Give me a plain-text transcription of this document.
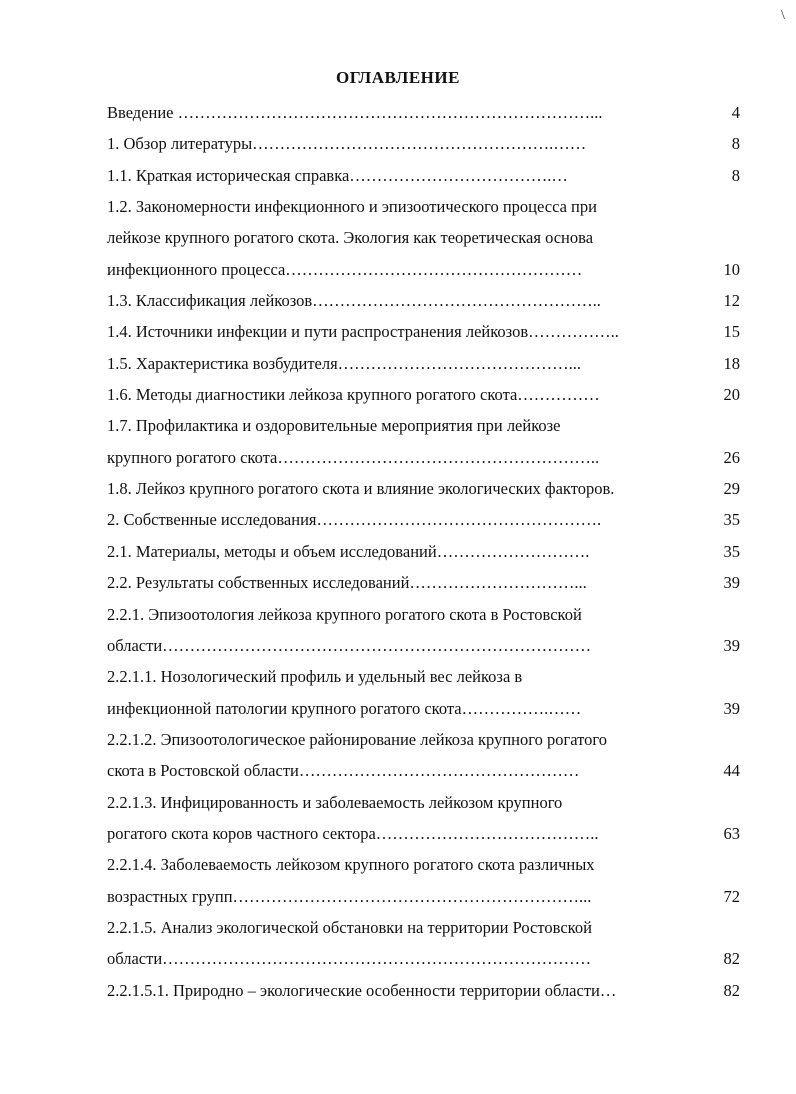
\
ОГЛАВЛЕНИЕ
Введение …………………………………………………………………...	4
1. Обзор литературы……………………………………………….……	8
1.1. Краткая историческая справка……………………………….…	8
1.2. Закономерности инфекционного и эпизоотического процесса при
лейкозе крупного рогатого скота. Экология как теоретическая основа
инфекционного процесса………………………………………………	10
1.3. Классификация лейкозов……………………………………………..	12
1.4. Источники инфекции и пути распространения лейкозов……………..	15
1.5. Характеристика возбудителя……………………………………...	18
1.6. Методы диагностики лейкоза крупного рогатого скота……………	20
1.7. Профилактика и оздоровительные мероприятия при лейкозе
крупного рогатого скота…………………………………………………..	26
1.8. Лейкоз крупного рогатого скота и влияние экологических факторов.	29
2. Собственные исследования…………………………………………….	35
2.1. Материалы, методы и объем исследований……………………….	35
2.2. Результаты собственных исследований…………………………...	39
2.2.1. Эпизоотология лейкоза крупного рогатого скота в Ростовской
области……………………………………………………………………	39
2.2.1.1. Нозологический профиль и удельный вес лейкоза в
инфекционной патологии крупного рогатого скота…………….……	39
2.2.1.2. Эпизоотологическое районирование лейкоза крупного рогатого
скота в Ростовской области……………………………………………	44
2.2.1.3. Инфицированность и заболеваемость лейкозом крупного
рогатого скота коров частного сектора…………………………………..	63
2.2.1.4. Заболеваемость лейкозом крупного рогатого скота различных
возрастных групп………………………………………………………...	72
2.2.1.5. Анализ экологической обстановки на территории Ростовской
области……………………………………………………………………	82
2.2.1.5.1. Природно – экологические особенности территории области…	82
